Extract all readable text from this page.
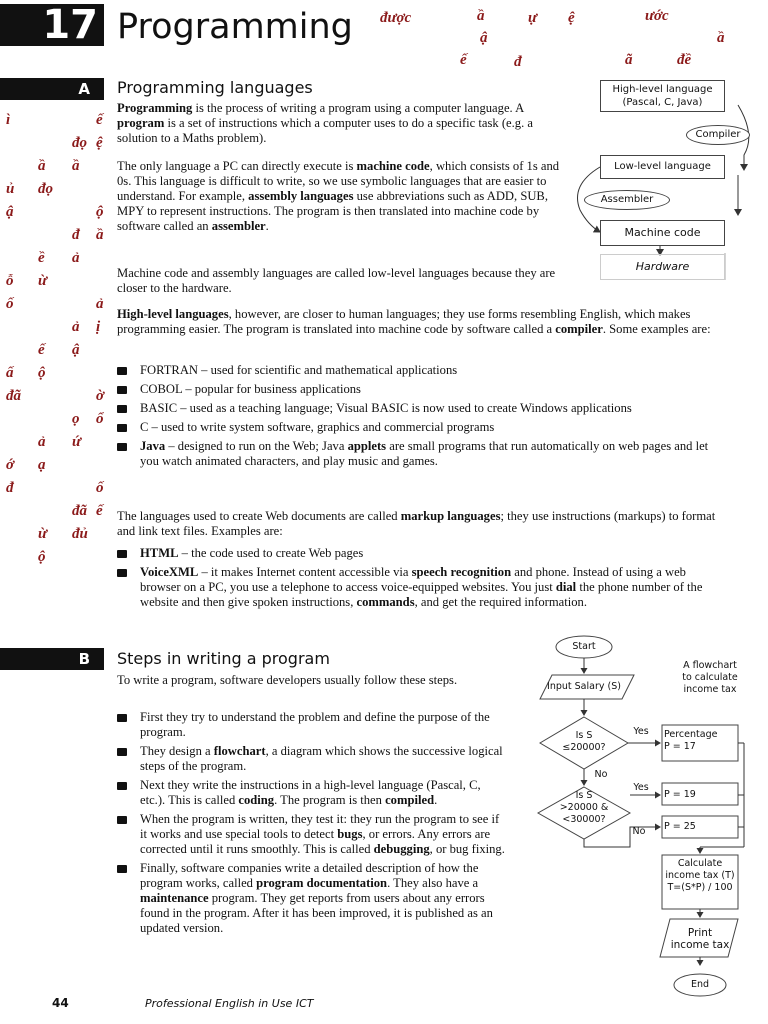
17 Programming được	ầ	ự ệ	ước
ậ	ầ
ế	đ	ã	đề
ì	ế
ệ
đọ
ầ
ầ
đọ
ủ
ậ	ộ
ầ
đ
ả
ề
ừ
ỗ
ố	ả
ị
ả
ậ
ế
ộ
ấ
đã	ờ
ổ
ọ
ứ
ả
ạ
ớ
đ	ố
ế
đã
đủ
ừ
ộ
A	Programming languages
Programming is the process of writing a program using a computer language. A program is a set of instructions which a computer uses to do a specific task (e.g. a solution to a Maths problem).
The only language a PC can directly execute is machine code, which consists of 1s and 0s. This language is difficult to write, so we use symbolic languages that are easier to understand. For example, assembly languages use abbreviations such as ADD, SUB, MPY to represent instructions. The program is then translated into machine code by software called an assembler.
Machine code and assembly languages are called low-level languages because they are closer to the hardware.
High-level languages, however, are closer to human languages; they use forms resembling English, which makes programming easier. The program is translated into machine code by software called a compiler. Some examples are:
FORTRAN – used for scientific and mathematical applications
COBOL – popular for business applications
BASIC – used as a teaching language; Visual BASIC is now used to create Windows applications
C – used to write system software, graphics and commercial programs
Java – designed to run on the Web; Java applets are small programs that run automatically on web pages and let you watch animated characters, and play music and games.
The languages used to create Web documents are called markup languages; they use instructions (markups) to format and link text files. Examples are:
HTML – the code used to create Web pages
VoiceXML – it makes Internet content accessible via speech recognition and phone. Instead of using a web browser on a PC, you use a telephone to access voice-equipped websites. You just dial the phone number of the website and then give spoken instructions, commands, and get the required information.
High-level language
(Pascal, C, Java)
Compiler
Low-level language
Assembler
Machine code
Hardware
B	Steps in writing a program
To write a program, software developers usually follow these steps.
First they try to understand the problem and define the purpose of the program.
They design a flowchart, a diagram which shows the successive logical steps of the program.
Next they write the instructions in a high-level language (Pascal, C, etc.). This is called coding. The program is then compiled.
When the program is written, they test it: they run the program to see if it works and use special tools to detect bugs, or errors. Any errors are corrected until it runs smoothly. This is called debugging, or bug fixing.
Finally, software companies write a detailed description of how the program works, called program documentation. They also have a maintenance program. They get reports from users about any errors found in the program. After it has been improved, it is published as an updated version.
A flowchart
to calculate
income tax
Start
Input Salary (S)
Is S
≤20000?
Is S
>20000 &
<30000?
Yes
No
Yes
No
Percentage
P = 17
P = 19
P = 25
Calculate
income tax (T)
T=(S*P) / 100
Print
income tax
End
44	Professional English in Use ICT
